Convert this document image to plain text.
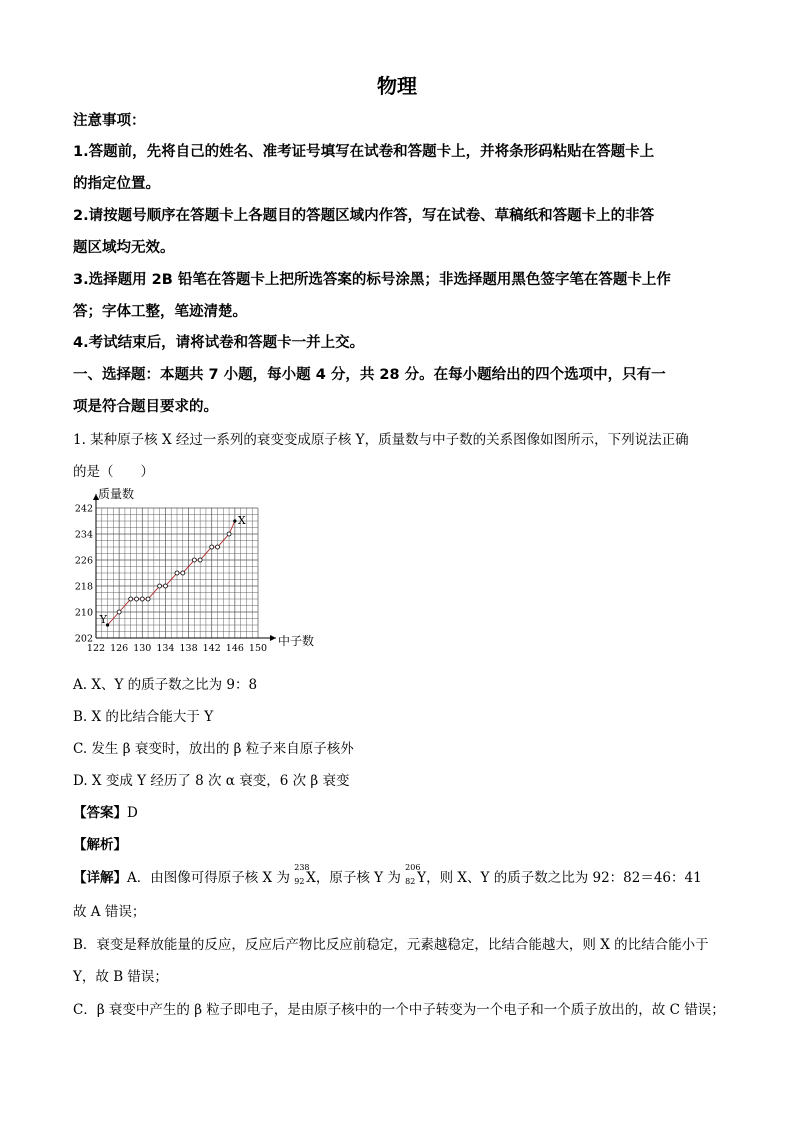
物理
注意事项：
1.答题前，先将自己的姓名、准考证号填写在试卷和答题卡上，并将条形码粘贴在答题卡上
的指定位置。
2.请按题号顺序在答题卡上各题目的答题区域内作答，写在试卷、草稿纸和答题卡上的非答
题区域均无效。
3.选择题用 2B 铅笔在答题卡上把所选答案的标号涂黑；非选择题用黑色签字笔在答题卡上作
答；字体工整，笔迹清楚。
4.考试结束后，请将试卷和答题卡一并上交。
一、选择题：本题共 7 小题，每小题 4 分，共 28 分。在每小题给出的四个选项中，只有一
项是符合题目要求的。
1. 某种原子核 X 经过一系列的衰变变成原子核 Y，质量数与中子数的关系图像如图所示，下列说法正确
的是（　　）
122 126 130 134 138 142 146 150
202
210
218
226
234
242
Y
X
质量数
中子数
A. X、Y 的质子数之比为 9：8
B. X 的比结合能大于 Y
C. 发生 β 衰变时，放出的 β 粒子来自原子核外
D. X 变成 Y 经历了 8 次 α 衰变，6 次 β 衰变
【答案】D
【解析】
【详解】A．由图像可得原子核 X 为
238
92 X，原子核 Y 为
206
82 Y，则 X、Y 的质子数之比为 92：82＝46：41
故 A 错误；
B．衰变是释放能量的反应，反应后产物比反应前稳定，元素越稳定，比结合能越大，则 X 的比结合能小于
Y，故 B 错误；
C．β 衰变中产生的 β 粒子即电子，是由原子核中的一个中子转变为一个电子和一个质子放出的，故 C 错误；
